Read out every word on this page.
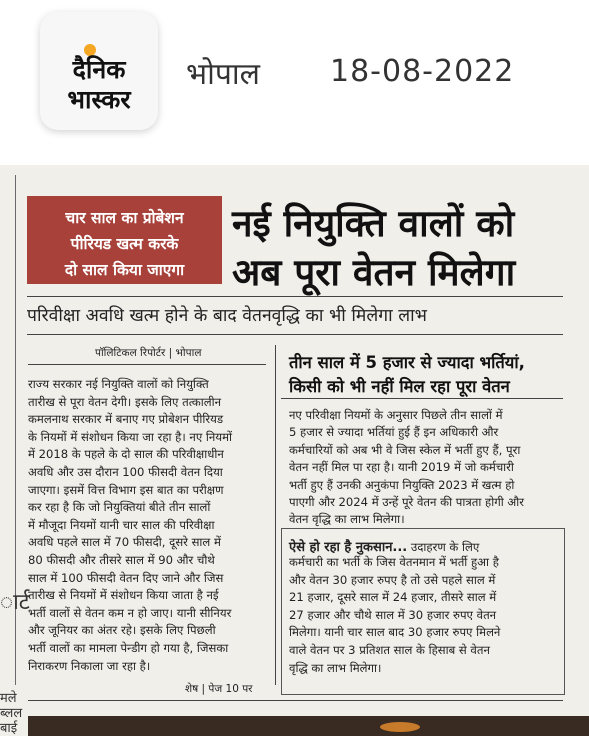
दैनिक
भास्कर
भोपाल 18-08-2022
ार्ट
मले
ब्लल
बाई
चार साल का प्रोबेशन
पीरियड खत्म करके
दो साल किया जाएगा
नई नियुक्ति वालों को
अब पूरा वेतन मिलेगा
परिवीक्षा अवधि खत्म होने के बाद वेतनवृद्धि का भी मिलेगा लाभ
पॉलिटिकल रिपोर्टर | भोपाल
राज्य सरकार नई नियुक्ति वालों को नियुक्ति
तारीख से पूरा वेतन देगी। इसके लिए तत्कालीन
कमलनाथ सरकार में बनाए गए प्रोबेशन पीरियड
के नियमों में संशोधन किया जा रहा है। नए नियमों
में 2018 के पहले के दो साल की परिवीक्षाधीन
अवधि और उस दौरान 100 फीसदी वेतन दिया
जाएगा। इसमें वित्त विभाग इस बात का परीक्षण
कर रहा है कि जो नियुक्तियां बीते तीन सालों
में मौजूदा नियमों यानी चार साल की परिवीक्षा
अवधि पहले साल में 70 फीसदी, दूसरे साल में
80 फीसदी और तीसरे साल में 90 और चौथे
साल में 100 फीसदी वेतन दिए जाने और जिस
तारीख से नियमों में संशोधन किया जाता है नई
भर्ती वालों से वेतन कम न हो जाए। यानी सीनियर
और जूनियर का अंतर रहे। इसके लिए पिछली
भर्ती वालों का मामला पेन्डीग हो गया है, जिसका
निराकरण निकाला जा रहा है।
तीन साल में 5 हजार से ज्यादा भर्तियां,
किसी को भी नहीं मिल रहा पूरा वेतन
नए परिवीक्षा नियमों के अनुसार पिछले तीन सालों में
5 हजार से ज्यादा भर्तियां हुई हैं इन अधिकारी और
कर्मचारियों को अब भी वे जिस स्केल में भर्ती हुए हैं, पूरा
वेतन नहीं मिल पा रहा है। यानी 2019 में जो कर्मचारी
भर्ती हुए हैं उनकी अनुकंपा नियुक्ति 2023 में खत्म हो
पाएगी और 2024 में उन्हें पूरे वेतन की पात्रता होगी और
वेतन वृद्धि का लाभ मिलेगा।
ऐसे हो रहा है नुकसान... उदाहरण के लिए
कर्मचारी का भर्ती के जिस वेतनमान में भर्ती हुआ है
और वेतन 30 हजार रुपए है तो उसे पहले साल में
21 हजार, दूसरे साल में 24 हजार, तीसरे साल में
27 हजार और चौथे साल में 30 हजार रुपए वेतन
मिलेगा। यानी चार साल बाद 30 हजार रुपए मिलने
वाले वेतन पर 3 प्रतिशत साल के हिसाब से वेतन
वृद्धि का लाभ मिलेगा।
शेष | पेज 10 पर
